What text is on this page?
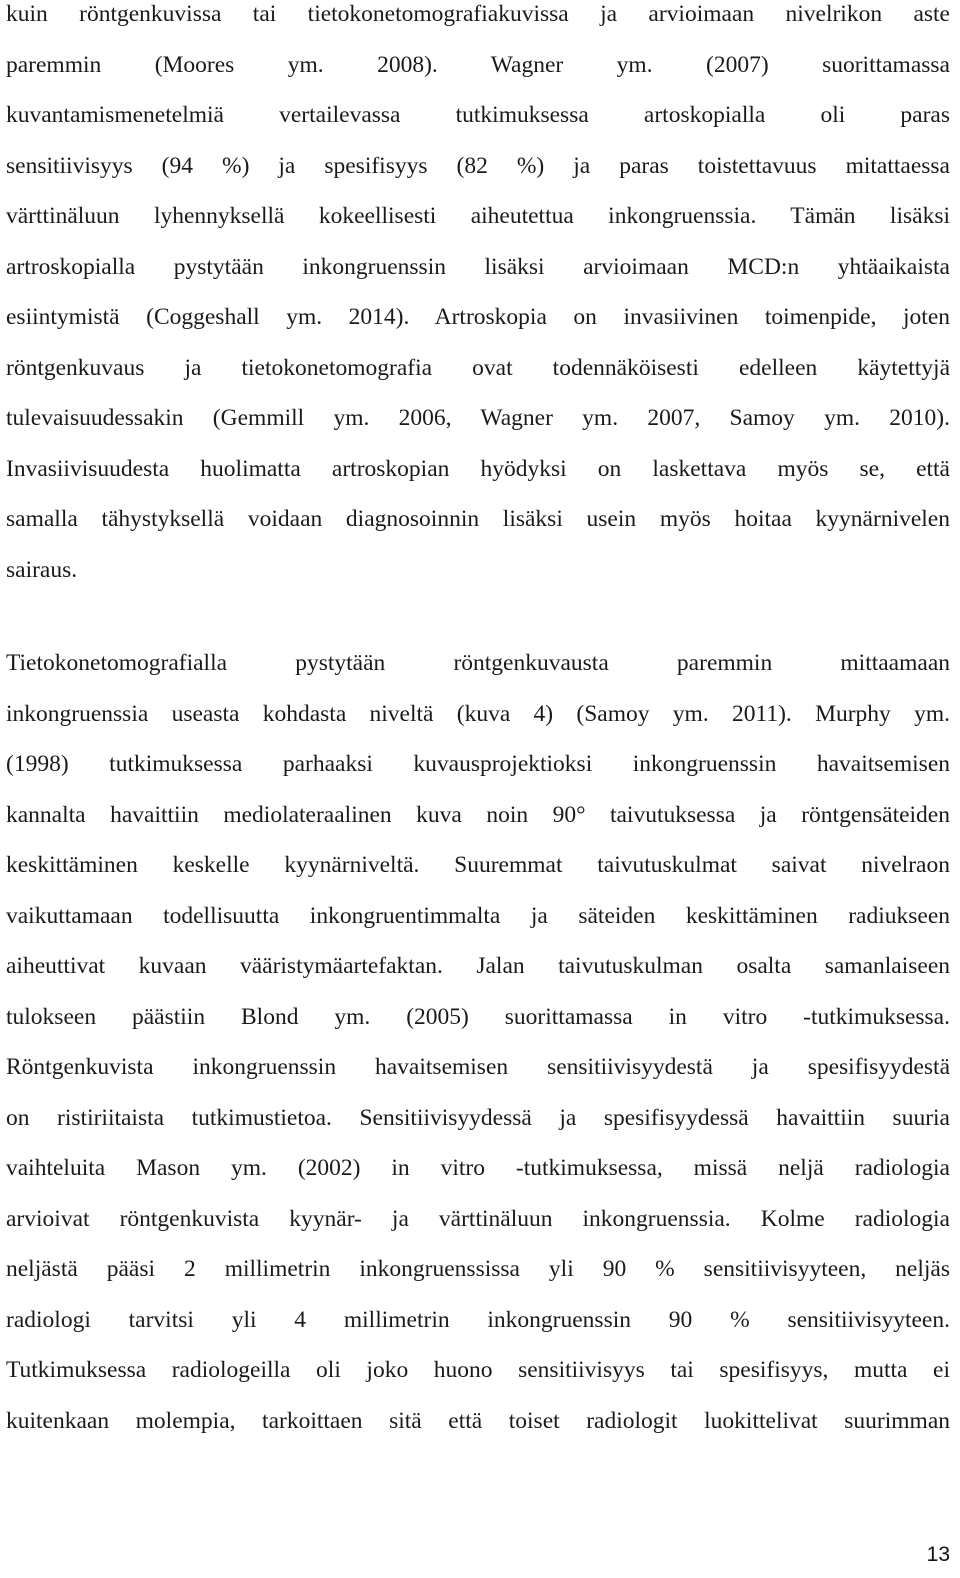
kuin röntgenkuvissa tai tietokonetomografiakuvissa ja arvioimaan nivelrikon aste
paremmin (Moores ym. 2008). Wagner ym. (2007) suorittamassa
kuvantamismenetelmiä vertailevassa tutkimuksessa artoskopialla oli paras
sensitiivisyys (94 %) ja spesifisyys (82 %) ja paras toistettavuus mitattaessa
värttinäluun lyhennyksellä kokeellisesti aiheutettua inkongruenssia. Tämän lisäksi
artroskopialla pystytään inkongruenssin lisäksi arvioimaan MCD:n yhtäaikaista
esiintymistä (Coggeshall ym. 2014). Artroskopia on invasiivinen toimenpide, joten
röntgenkuvaus ja tietokonetomografia ovat todennäköisesti edelleen käytettyjä
tulevaisuudessakin (Gemmill ym. 2006, Wagner ym. 2007, Samoy ym. 2010).
Invasiivisuudesta huolimatta artroskopian hyödyksi on laskettava myös se, että
samalla tähystyksellä voidaan diagnosoinnin lisäksi usein myös hoitaa kyynärnivelen
sairaus.
Tietokonetomografialla pystytään röntgenkuvausta paremmin mittaamaan
inkongruenssia useasta kohdasta niveltä (kuva 4) (Samoy ym. 2011). Murphy ym.
(1998) tutkimuksessa parhaaksi kuvausprojektioksi inkongruenssin havaitsemisen
kannalta havaittiin mediolateraalinen kuva noin 90° taivutuksessa ja röntgensäteiden
keskittäminen keskelle kyynärniveltä. Suuremmat taivutuskulmat saivat nivelraon
vaikuttamaan todellisuutta inkongruentimmalta ja säteiden keskittäminen radiukseen
aiheuttivat kuvaan vääristymäartefaktan. Jalan taivutuskulman osalta samanlaiseen
tulokseen päästiin Blond ym. (2005) suorittamassa in vitro -tutkimuksessa.
Röntgenkuvista inkongruenssin havaitsemisen sensitiivisyydestä ja spesifisyydestä
on ristiriitaista tutkimustietoa. Sensitiivisyydessä ja spesifisyydessä havaittiin suuria
vaihteluita Mason ym. (2002) in vitro -tutkimuksessa, missä neljä radiologia
arvioivat röntgenkuvista kyynär- ja värttinäluun inkongruenssia. Kolme radiologia
neljästä pääsi 2 millimetrin inkongruenssissa yli 90 % sensitiivisyyteen, neljäs
radiologi tarvitsi yli 4 millimetrin inkongruenssin 90 % sensitiivisyyteen.
Tutkimuksessa radiologeilla oli joko huono sensitiivisyys tai spesifisyys, mutta ei
kuitenkaan molempia, tarkoittaen sitä että toiset radiologit luokittelivat suurimman
13
